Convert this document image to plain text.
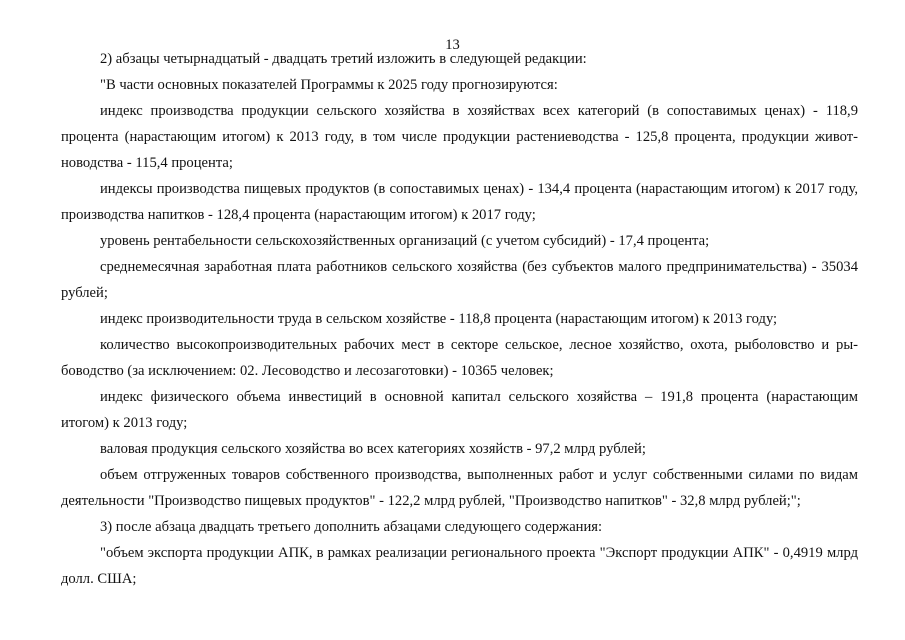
13

2) абзацы четырнадцатый - двадцать третий изложить в следующей редакции:

"В части основных показателей Программы к 2025 году прогнозируются:

индекс производства продукции сельского хозяйства в хозяйствах всех категорий (в сопоставимых ценах) - 118,9 процента (нарастающим итогом) к 2013 году, в том числе продукции растениеводства - 125,8 процента, продукции животноводства - 115,4 процента;

индексы производства пищевых продуктов (в сопоставимых ценах) - 134,4 процента (нарастающим итогом) к 2017 году, производства напитков - 128,4 процента (нарастающим итогом) к 2017 году;

уровень рентабельности сельскохозяйственных организаций (с учетом субсидий) - 17,4 процента;

среднемесячная заработная плата работников сельского хозяйства (без субъектов малого предпринимательства) - 35034 рублей;

индекс производительности труда в сельском хозяйстве - 118,8 процента (нарастающим итогом) к 2013 году;

количество высокопроизводительных рабочих мест в секторе сельское, лесное хозяйство, охота, рыболовство и рыбоводство (за исключением: 02. Лесоводство и лесозаготовки) - 10365 человек;

индекс физического объема инвестиций в основной капитал сельского хозяйства – 191,8 процента (нарастающим итогом) к 2013 году;

валовая продукция сельского хозяйства во всех категориях хозяйств - 97,2 млрд рублей;

объем отгруженных товаров собственного производства, выполненных работ и услуг собственными силами по видам деятельности "Производство пищевых продуктов" - 122,2 млрд рублей, "Производство напитков" - 32,8 млрд рублей;";

3) после абзаца двадцать третьего дополнить абзацами следующего содержания:

"объем экспорта продукции АПК, в рамках реализации регионального проекта "Экспорт продукции АПК" - 0,4919 млрд долл. США;
